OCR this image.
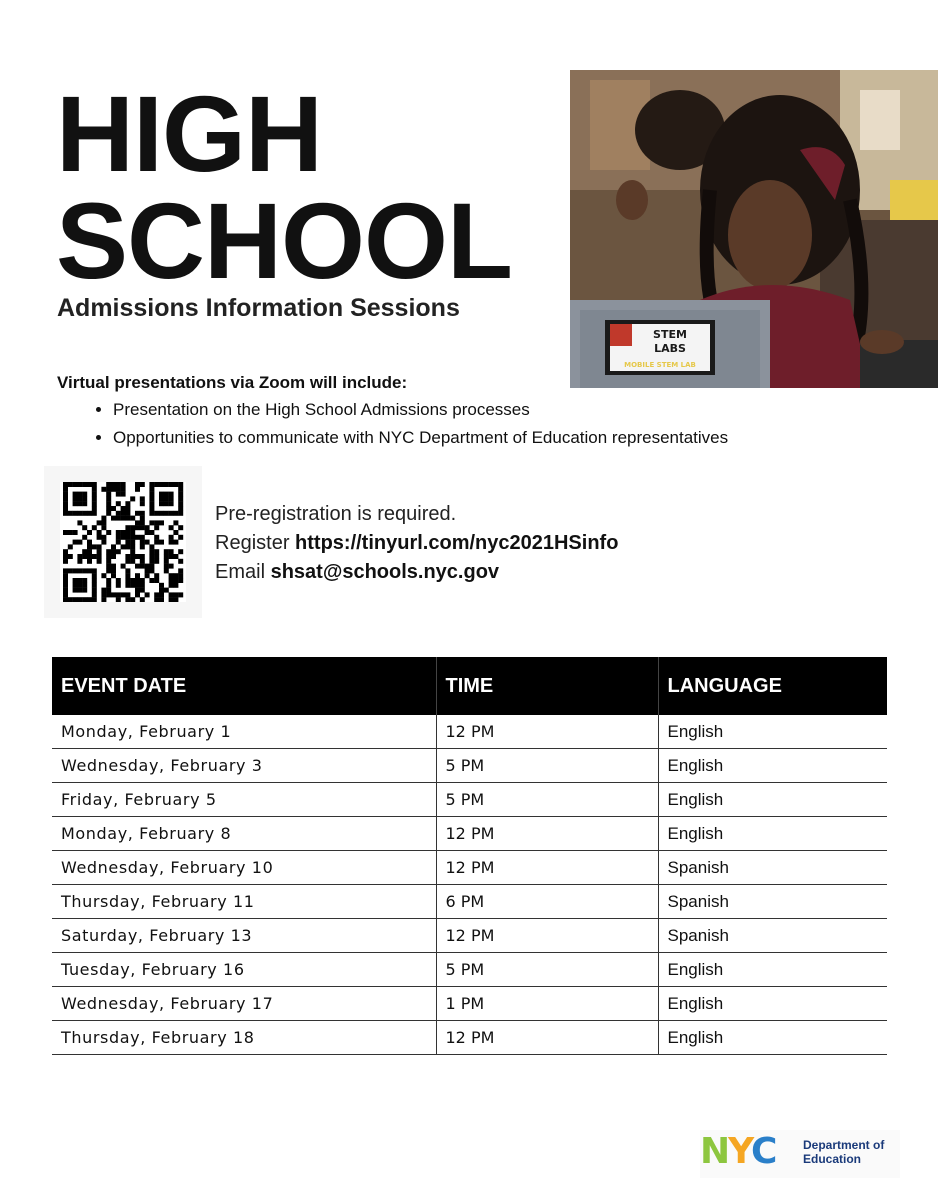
HIGH
SCHOOL
Admissions Information Sessions
STEM
LABS
MOBILE STEM LAB

Virtual presentations via Zoom will include:

• Presentation on the High School Admissions processes
• Opportunities to communicate with NYC Department of Education representatives
Pre-registration is required.
Register https://tinyurl.com/nyc2021HSinfo
Email shsat@schools.nyc.gov
EVENT DATE	TIME	LANGUAGE
Monday, February 1	12 PM	English
Wednesday, February 3	5 PM	English
Friday, February 5	5 PM	English
Monday, February 8	12 PM	English
Wednesday, February 10	12 PM	Spanish
Thursday, February 11	6 PM	Spanish
Saturday, February 13	12 PM	Spanish
Tuesday, February 16	5 PM	English
Wednesday, February 17	1 PM	English
Thursday, February 18	12 PM	English
NYC Department of
Education
